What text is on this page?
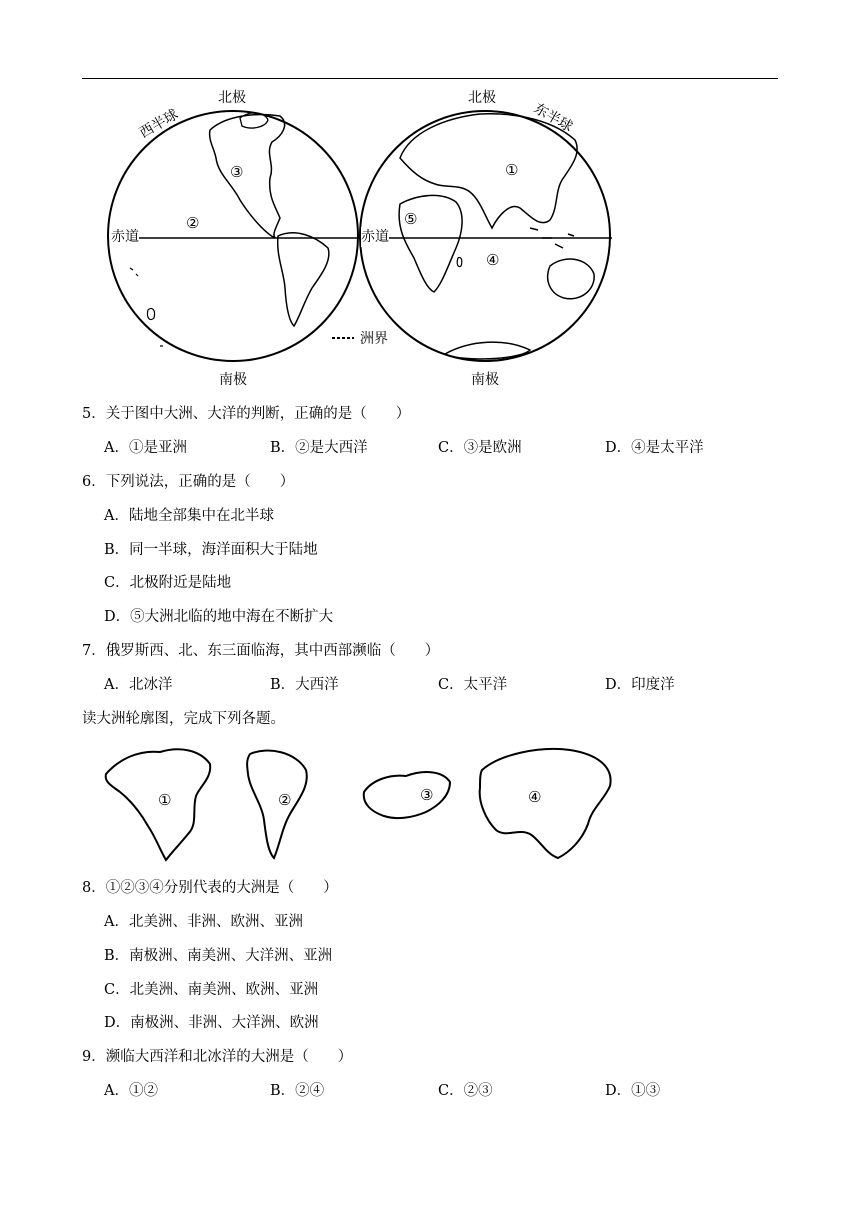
北极	北极
西半球	东半球
赤道	赤道
南极	南极
洲界
③
②
①
⑤
④
5．关于图中大洲、大洋的判断，正确的是（　　）
A．①是亚洲	B．②是大西洋	C．③是欧洲	D．④是太平洋
6．下列说法，正确的是（　　）
A．陆地全部集中在北半球
B．同一半球，海洋面积大于陆地
C．北极附近是陆地
D．⑤大洲北临的地中海在不断扩大
7．俄罗斯西、北、东三面临海，其中西部濒临（　　）
A．北冰洋	B．大西洋	C．太平洋	D．印度洋
读大洲轮廓图，完成下列各题。
①	②	③	④
8．①②③④分别代表的大洲是（　　）
A．北美洲、非洲、欧洲、亚洲
B．南极洲、南美洲、大洋洲、亚洲
C．北美洲、南美洲、欧洲、亚洲
D．南极洲、非洲、大洋洲、欧洲
9．濒临大西洋和北冰洋的大洲是（　　）
A．①②	B．②④	C．②③	D．①③
